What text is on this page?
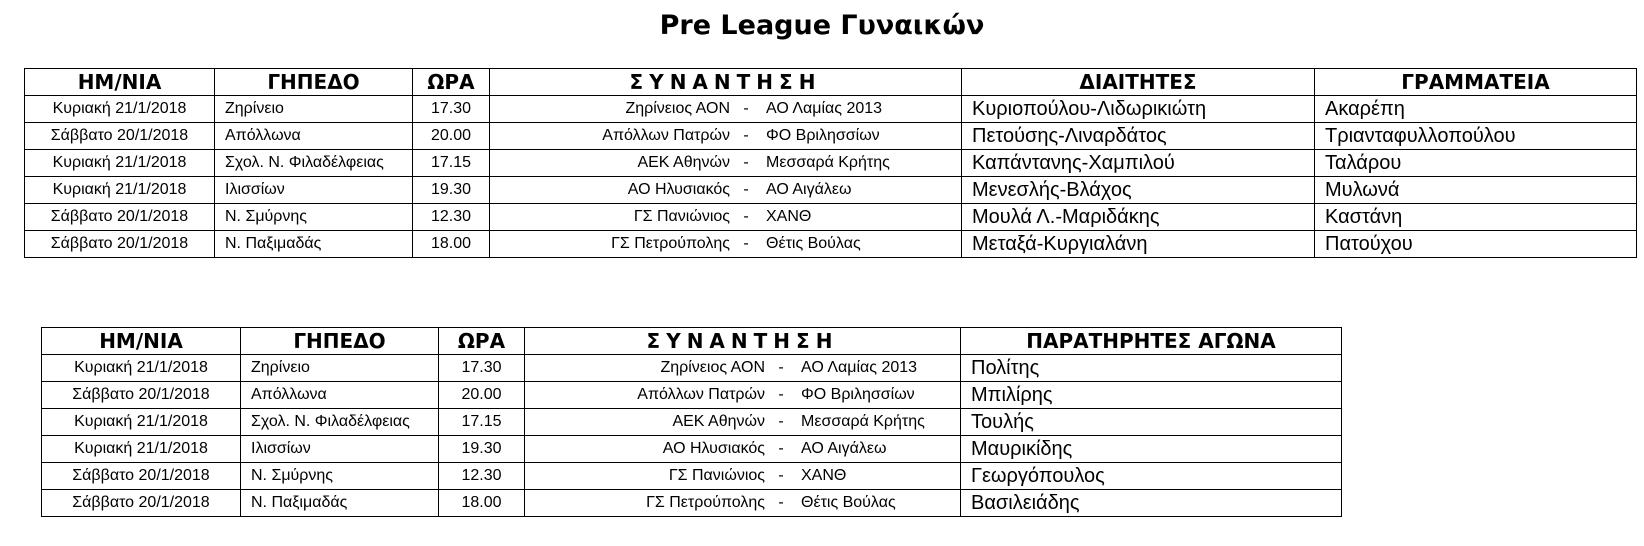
Pre League Γυναικών
ΗΜ/ΝΙΑ	ΓΗΠΕΔΟ	ΩΡΑ	ΣΥΝΑΝΤΗΣΗ	ΔΙΑΙΤΗΤΕΣ	ΓΡΑΜΜΑΤΕΙΑ
Κυριακή 21/1/2018	Ζηρίνειο	17.30	Ζηρίνειος ΑΟΝ - ΑΟ Λαμίας 2013	Κυριοπούλου-Λιδωρικιώτη	Ακαρέπη
Σάββατο 20/1/2018	Απόλλωνα	20.00	Απόλλων Πατρών - ΦΟ Βριλησσίων	Πετούσης-Λιναρδάτος	Τριανταφυλλοπούλου
Κυριακή 21/1/2018	Σχολ. Ν. Φιλαδέλφειας	17.15	ΑΕΚ Αθηνών - Μεσσαρά Κρήτης	Καπάντανης-Χαμπιλού	Ταλάρου
Κυριακή 21/1/2018	Ιλισσίων	19.30	ΑΟ Ηλυσιακός - ΑΟ Αιγάλεω	Μενεσλής-Βλάχος	Μυλωνά
Σάββατο 20/1/2018	Ν. Σμύρνης	12.30	ΓΣ Πανιώνιος - ΧΑΝΘ	Μουλά Λ.-Μαριδάκης	Καστάνη
Σάββατο 20/1/2018	Ν. Παξιμαδάς	18.00	ΓΣ Πετρούπολης - Θέτις Βούλας	Μεταξά-Κυργιαλάνη	Πατούχου
ΗΜ/ΝΙΑ	ΓΗΠΕΔΟ	ΩΡΑ	ΣΥΝΑΝΤΗΣΗ	ΠΑΡΑΤΗΡΗΤΕΣ ΑΓΩΝΑ
Κυριακή 21/1/2018	Ζηρίνειο	17.30	Ζηρίνειος ΑΟΝ - ΑΟ Λαμίας 2013	Πολίτης
Σάββατο 20/1/2018	Απόλλωνα	20.00	Απόλλων Πατρών - ΦΟ Βριλησσίων	Μπιλίρης
Κυριακή 21/1/2018	Σχολ. Ν. Φιλαδέλφειας	17.15	ΑΕΚ Αθηνών - Μεσσαρά Κρήτης	Τουλής
Κυριακή 21/1/2018	Ιλισσίων	19.30	ΑΟ Ηλυσιακός - ΑΟ Αιγάλεω	Μαυρικίδης
Σάββατο 20/1/2018	Ν. Σμύρνης	12.30	ΓΣ Πανιώνιος - ΧΑΝΘ	Γεωργόπουλος
Σάββατο 20/1/2018	Ν. Παξιμαδάς	18.00	ΓΣ Πετρούπολης - Θέτις Βούλας	Βασιλειάδης
